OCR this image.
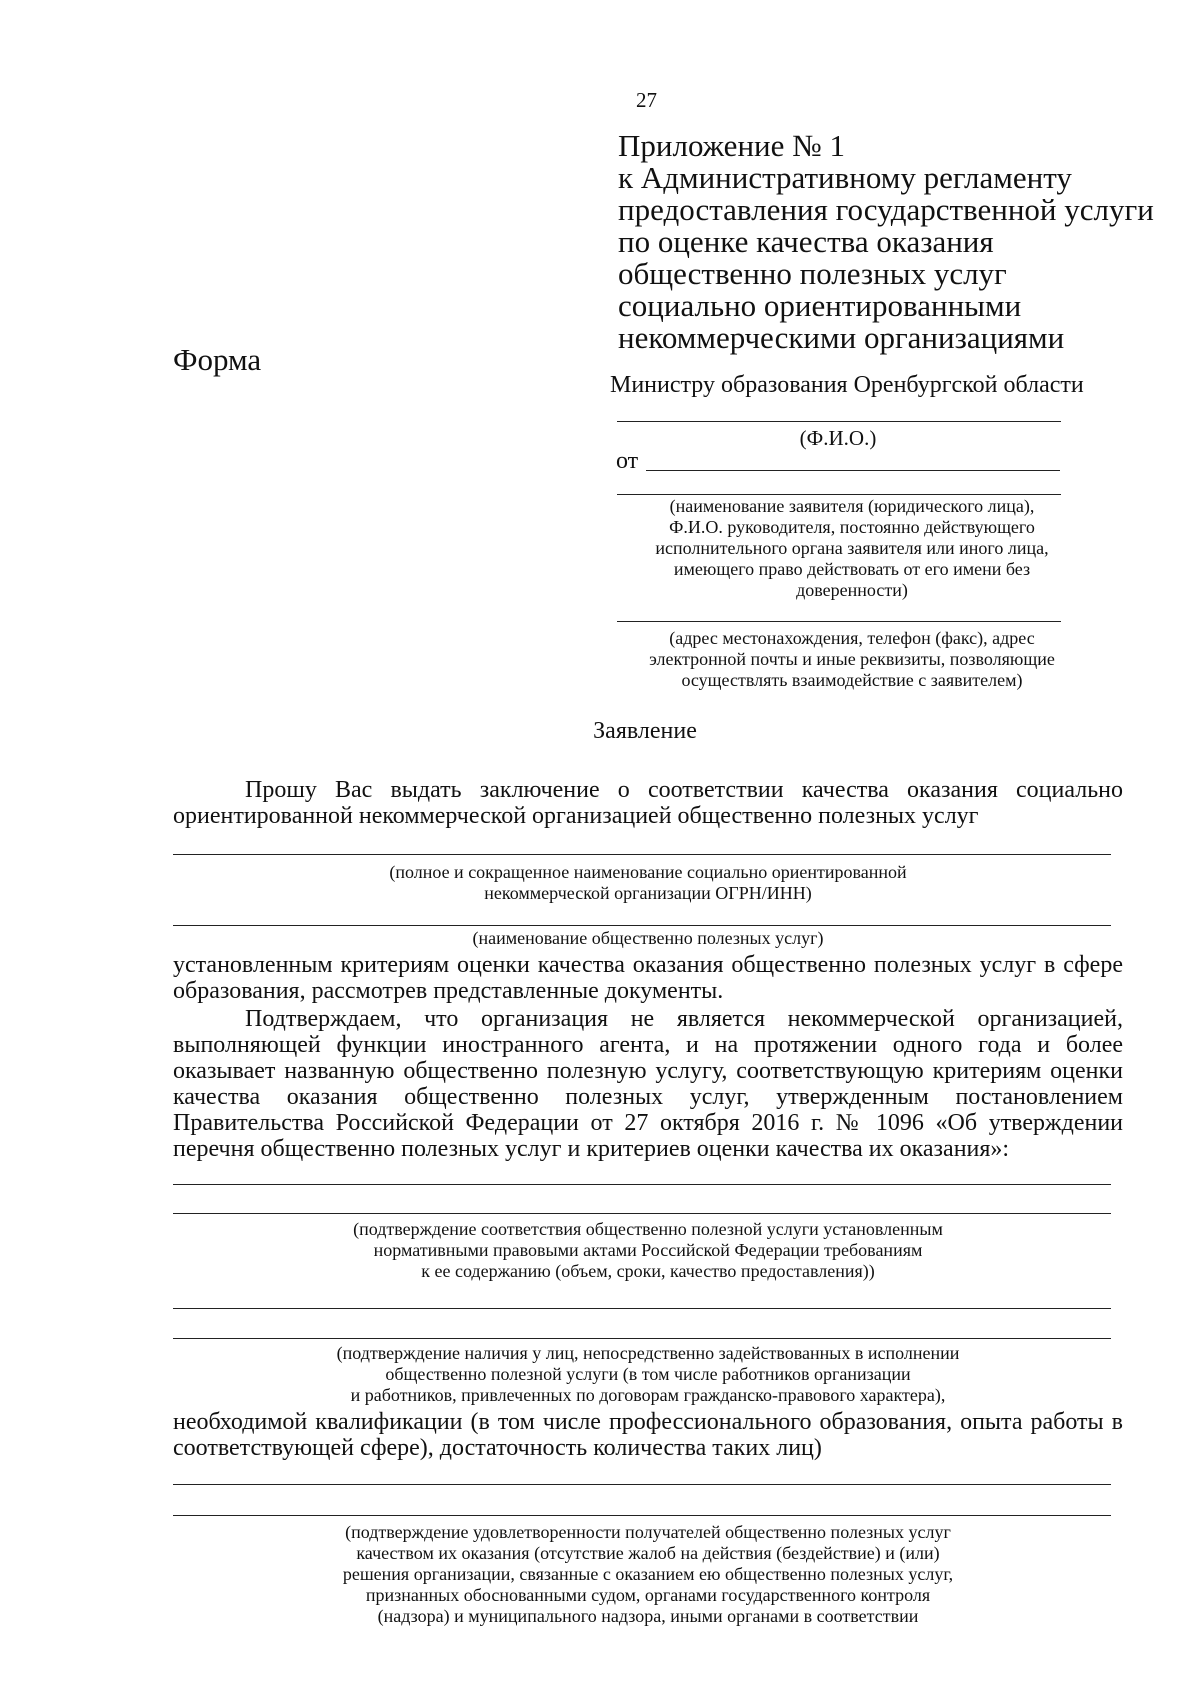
27
Приложение № 1
к Административному регламенту
предоставления государственной услуги
по оценке качества оказания
общественно полезных услуг
социально ориентированными
некоммерческими организациями
Форма
Министру образования Оренбургской области
(Ф.И.О.)
от
(наименование заявителя (юридического лица),
Ф.И.О. руководителя, постоянно действующего
исполнительного органа заявителя или иного лица,
имеющего право действовать от его имени без
доверенности)
(адрес местонахождения, телефон (факс), адрес
электронной почты и иные реквизиты, позволяющие
осуществлять взаимодействие с заявителем)
Заявление
Прошу Вас выдать заключение о соответствии качества оказания социально
ориентированной некоммерческой организацией общественно полезных услуг
(полное и сокращенное наименование социально ориентированной
некоммерческой организации ОГРН/ИНН)
(наименование общественно полезных услуг)
установленным критериям оценки качества оказания общественно полезных услуг в сфере образования, рассмотрев представленные документы.
Подтверждаем, что организация не является некоммерческой организацией, выполняющей функции иностранного агента, и на протяжении одного года и более оказывает названную общественно полезную услугу, соответствующую критериям оценки качества оказания общественно полезных услуг, утвержденным постановлением Правительства Российской Федерации от 27 октября 2016 г. № 1096 «Об утверждении перечня общественно полезных услуг и критериев оценки качества их оказания»:
(подтверждение соответствия общественно полезной услуги установленным
нормативными правовыми актами Российской Федерации требованиям
к ее содержанию (объем, сроки, качество предоставления))
(подтверждение наличия у лиц, непосредственно задействованных в исполнении
общественно полезной услуги (в том числе работников организации
и работников, привлеченных по договорам гражданско-правового характера),
необходимой квалификации (в том числе профессионального образования, опыта работы в соответствующей сфере), достаточность количества таких лиц)
(подтверждение удовлетворенности получателей общественно полезных услуг
качеством их оказания (отсутствие жалоб на действия (бездействие) и (или)
решения организации, связанные с оказанием ею общественно полезных услуг,
признанных обоснованными судом, органами государственного контроля
(надзора) и муниципального надзора, иными органами в соответствии
